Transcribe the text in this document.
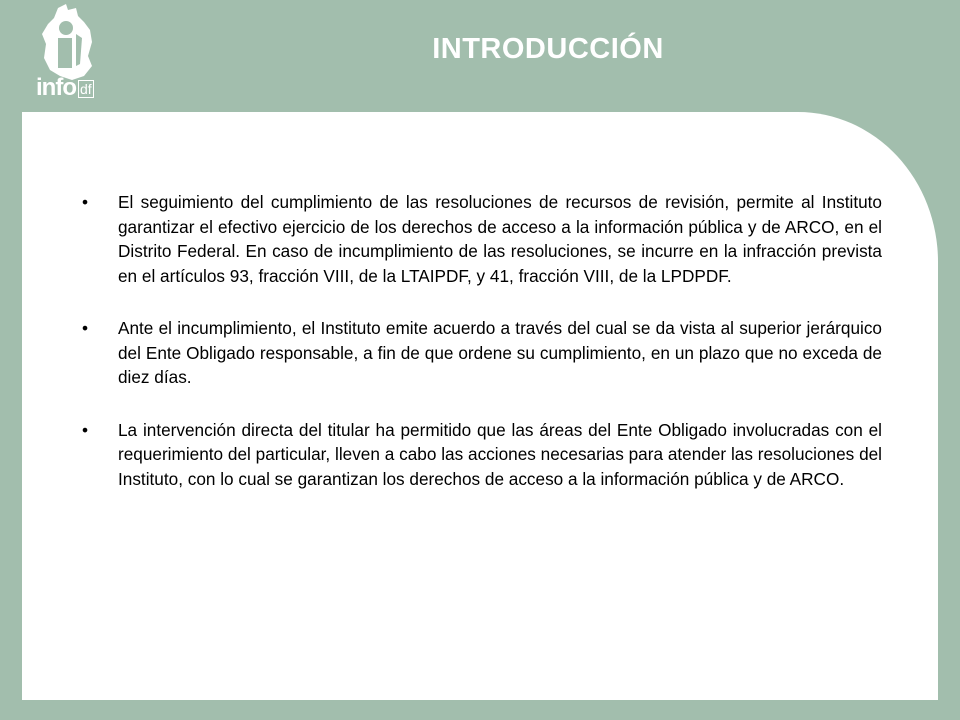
info df
INTRODUCCIÓN
• El seguimiento del cumplimiento de las resoluciones de recursos de revisión, permite al Instituto garantizar el efectivo ejercicio de los derechos de acceso a la información pública y de ARCO, en el Distrito Federal. En caso de incumplimiento de las resoluciones, se incurre en la infracción prevista en el artículos 93, fracción VIII, de la LTAIPDF, y 41, fracción VIII, de la LPDPDF.
• Ante el incumplimiento, el Instituto emite acuerdo a través del cual se da vista al superior jerárquico del Ente Obligado responsable, a fin de que ordene su cumplimiento, en un plazo que no exceda de diez días.
• La intervención directa del titular ha permitido que las áreas del Ente Obligado involucradas con el requerimiento del particular, lleven a cabo las acciones necesarias para atender las resoluciones del Instituto, con lo cual se garantizan los derechos de acceso a la información pública y de ARCO.
